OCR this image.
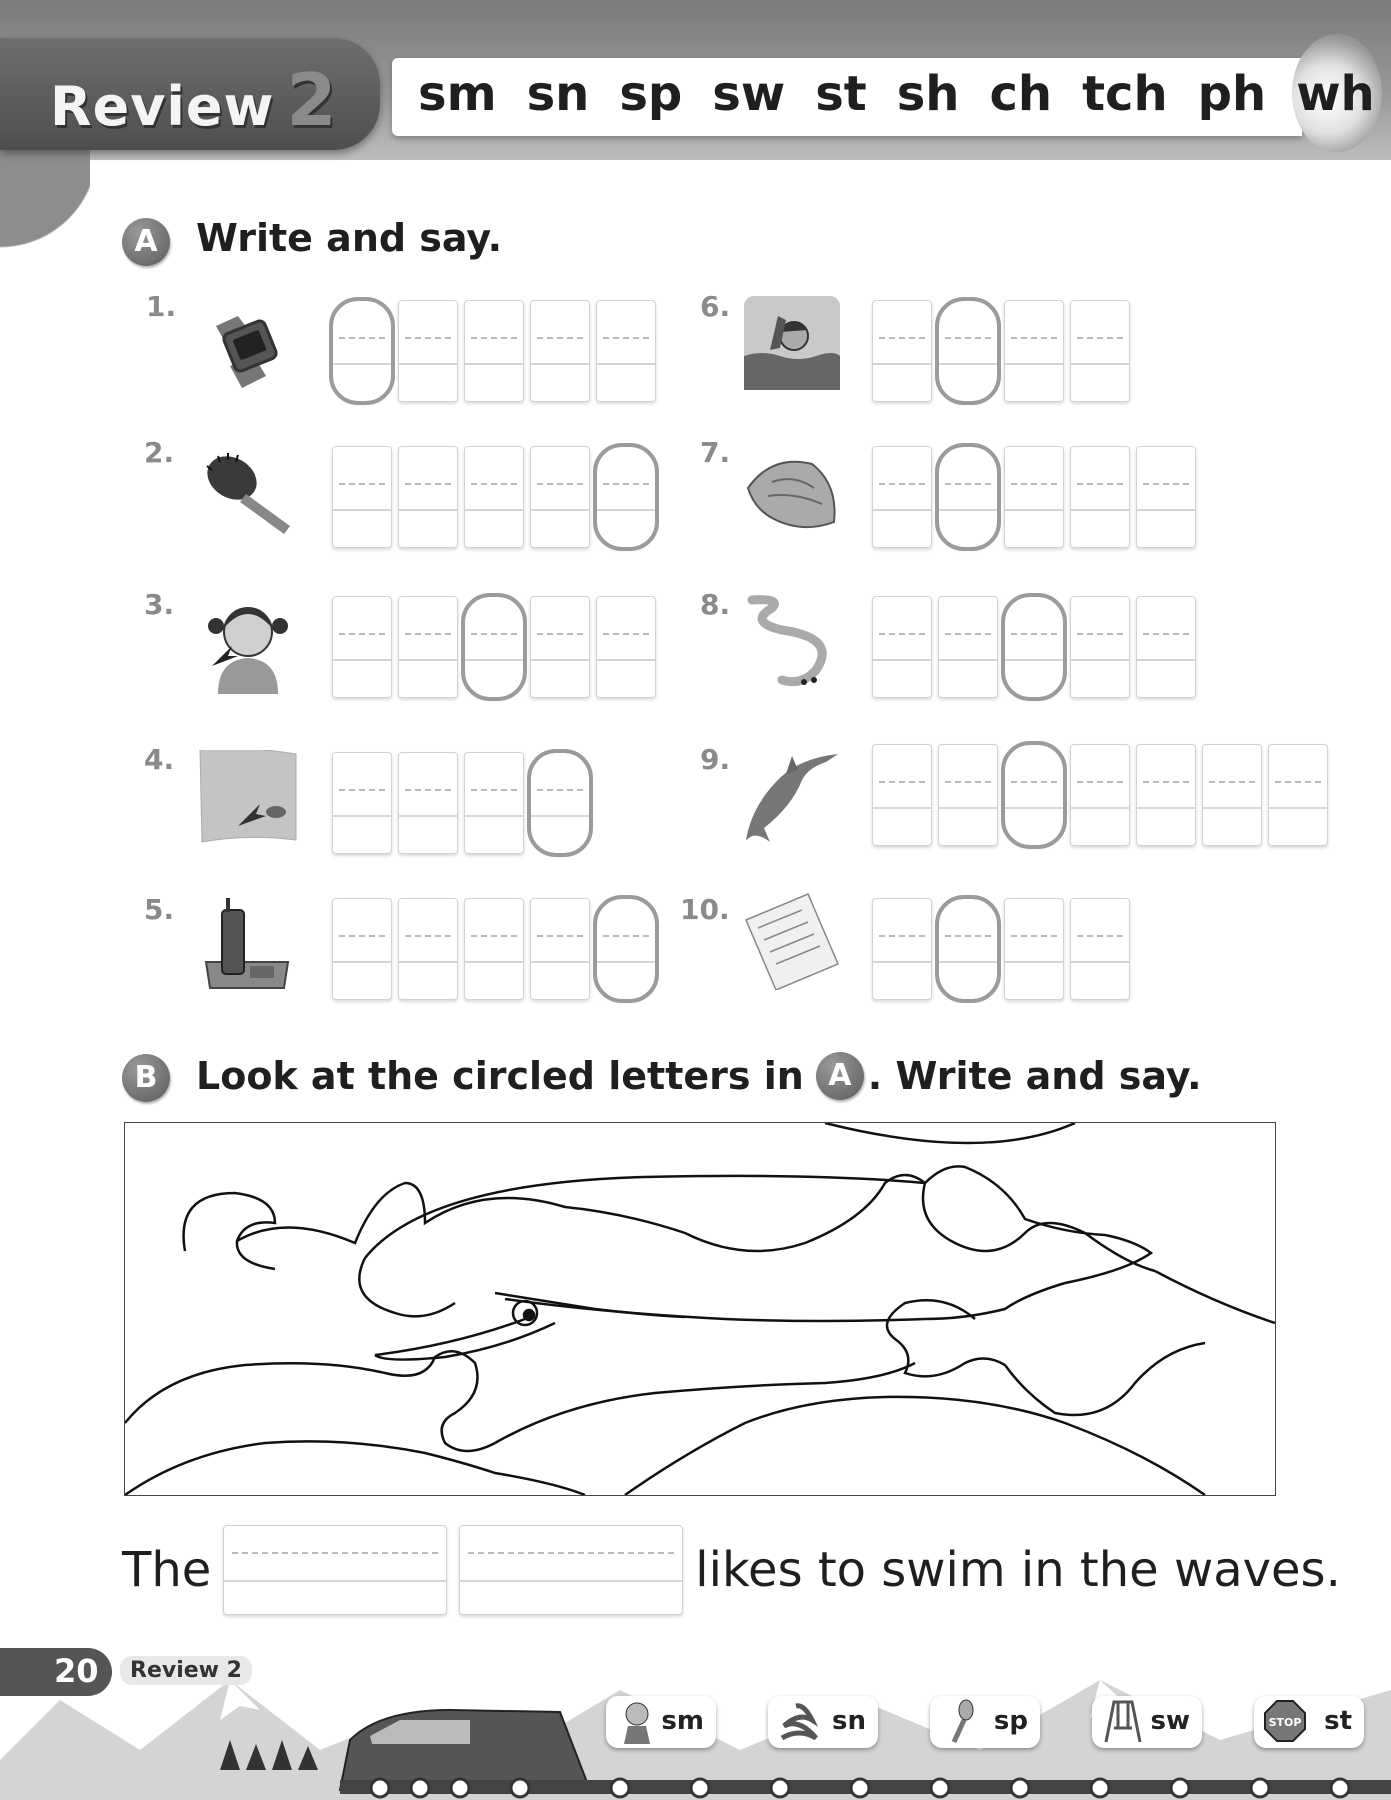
Review 2 sm sn sp sw st sh ch tch ph wh
A	Write and say.
1.
2.
3.
4.
5.
6.
7.
8.
9.
10.
B	Look at the circled letters in A . Write and say.
The	likes to swim in the waves.
20	Review 2
sm	sn	sp	sw	STOP st
